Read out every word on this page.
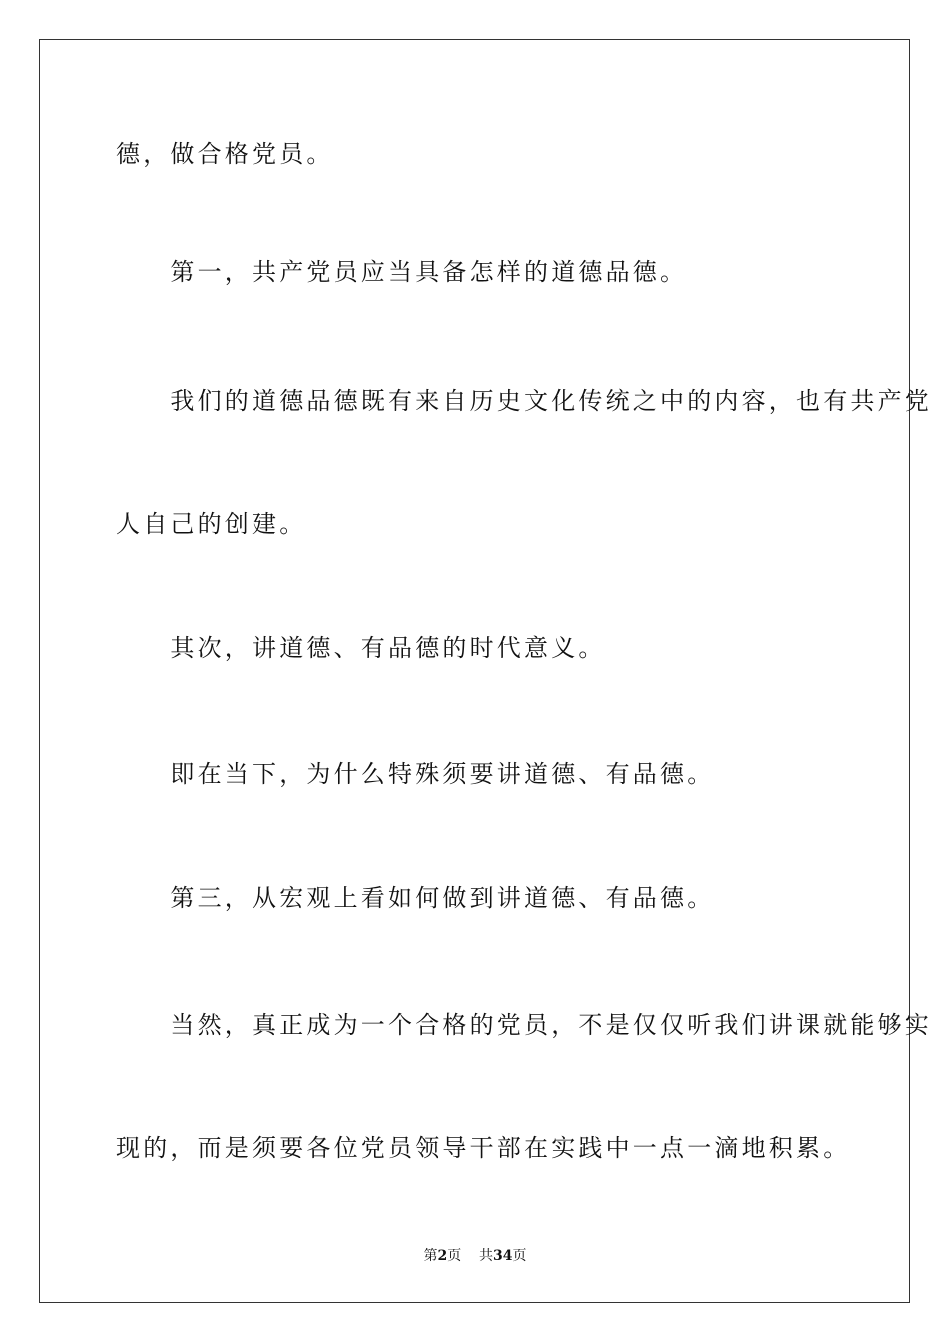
德，做合格党员。
　　第一，共产党员应当具备怎样的道德品德。
　　我们的道德品德既有来自历史文化传统之中的内容，也有共产党
人自己的创建。
　　其次，讲道德、有品德的时代意义。
　　即在当下，为什么特殊须要讲道德、有品德。
　　第三，从宏观上看如何做到讲道德、有品德。
　　当然，真正成为一个合格的党员，不是仅仅听我们讲课就能够实
现的，而是须要各位党员领导干部在实践中一点一滴地积累。
第2页 共34页
